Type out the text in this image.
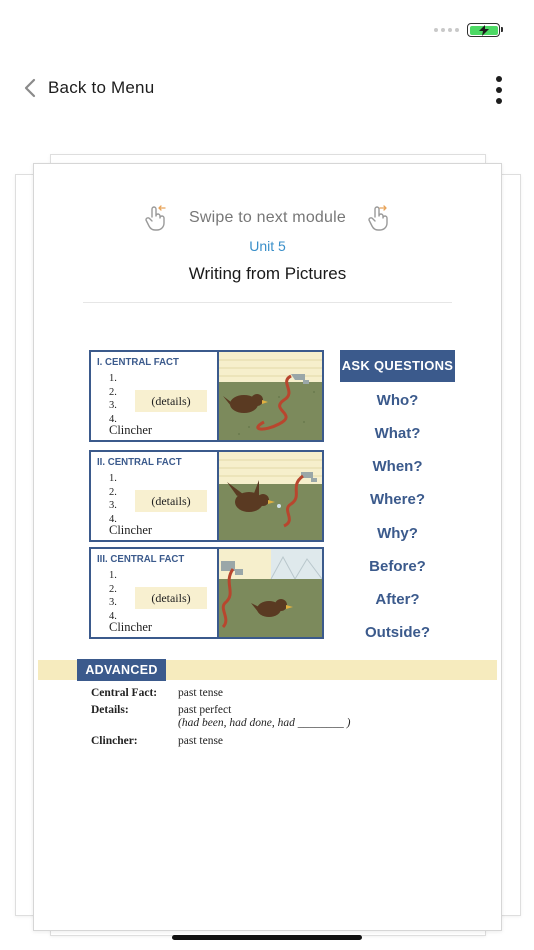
Back to Menu
Swipe to next module
Unit 5
Writing from Pictures
I. CENTRAL FACT
1.
2.
3.
4.
(details)
Clincher
II. CENTRAL FACT
1.
2.
3.
4.
(details)
Clincher
III. CENTRAL FACT
1.
2.
3.
4.
(details)
Clincher
ASK QUESTIONS
Who?
What?
When?
Where?
Why?
Before?
After?
Outside?
ADVANCED
Central Fact: past tense
Details:	past perfect
(had been, had done, had ________ )
Clincher:	past tense
